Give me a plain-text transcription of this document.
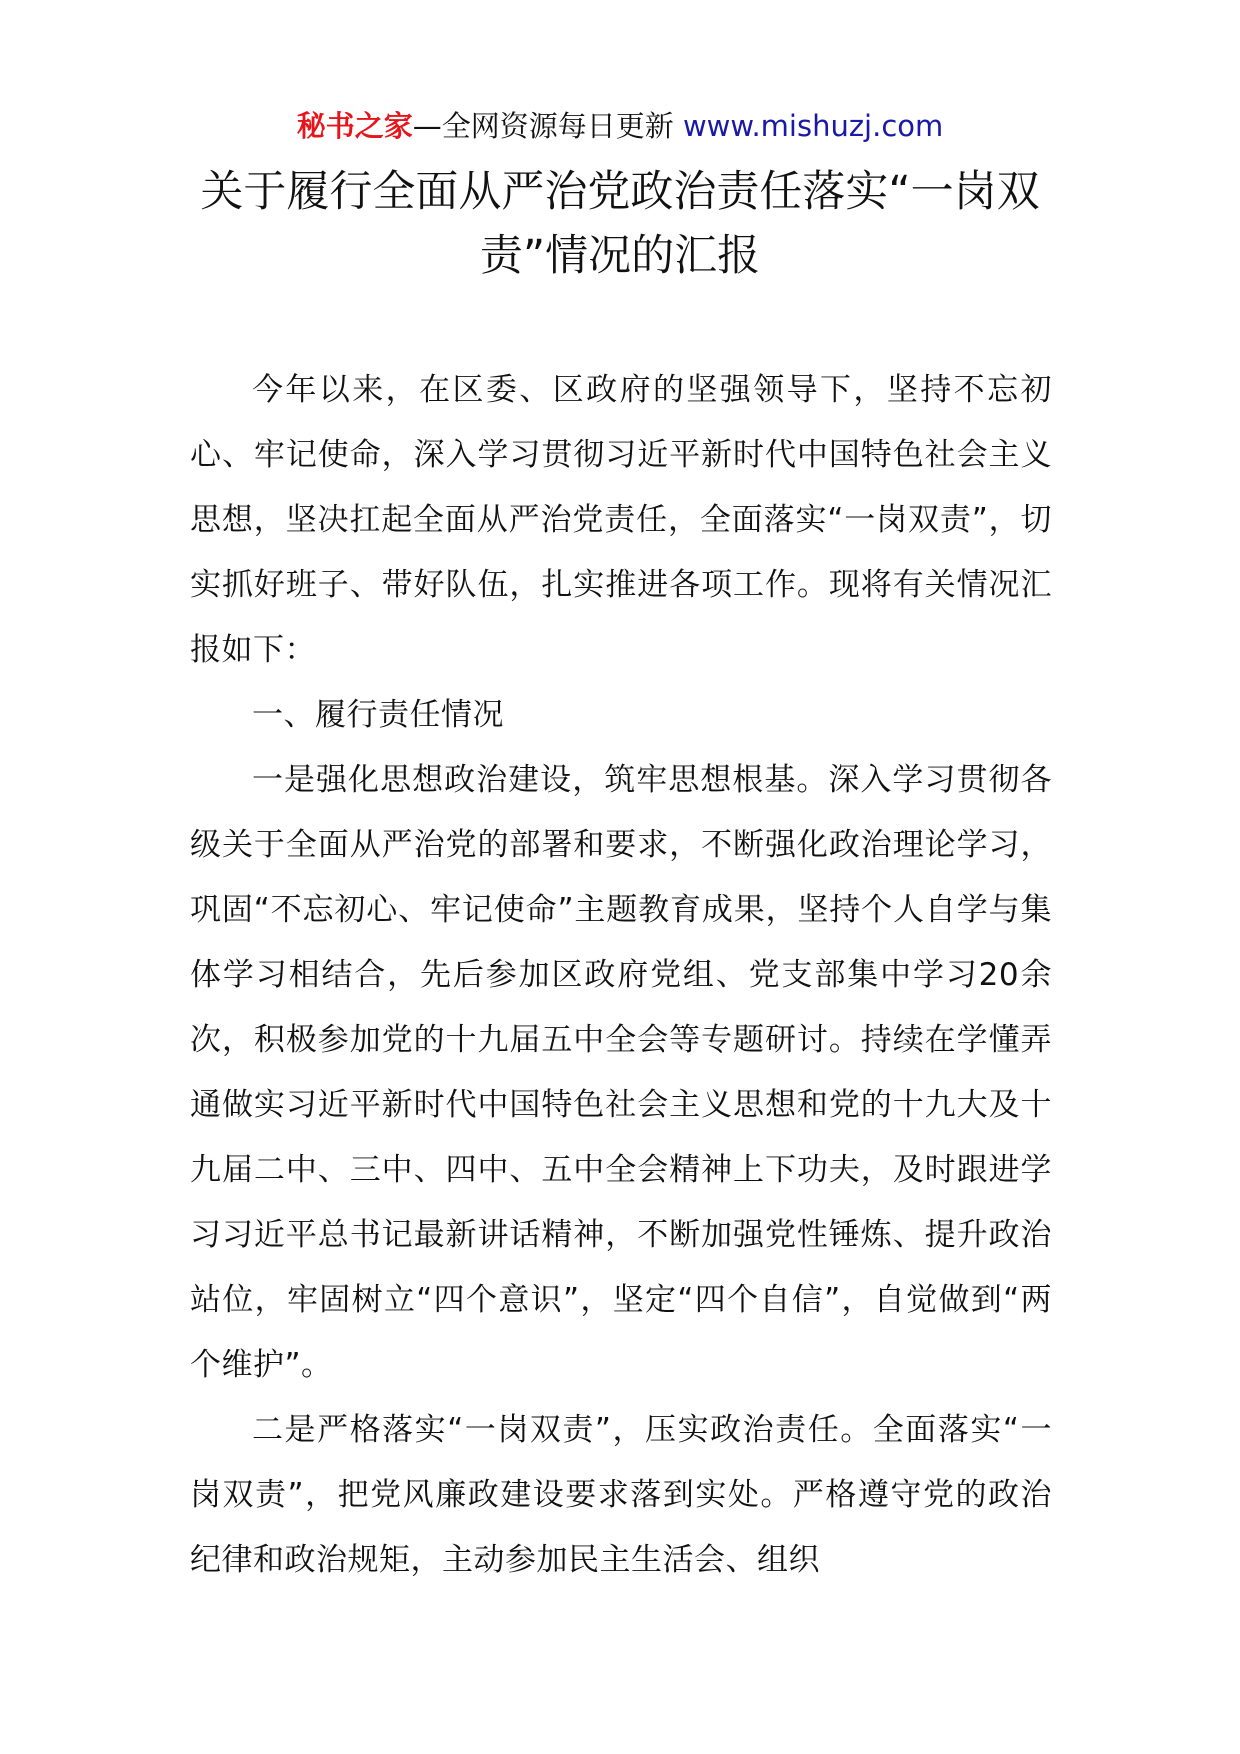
秘书之家—全网资源每日更新 www.mishuzj.com
关于履行全面从严治党政治责任落实“一岗双责”情况的汇报

今年以来，在区委、区政府的坚强领导下，坚持不忘初心、牢记使命，深入学习贯彻习近平新时代中国特色社会主义思想，坚决扛起全面从严治党责任，全面落实“一岗双责”，切实抓好班子、带好队伍，扎实推进各项工作。现将有关情况汇报如下：

一、履行责任情况

一是强化思想政治建设，筑牢思想根基。深入学习贯彻各级关于全面从严治党的部署和要求，不断强化政治理论学习，巩固“不忘初心、牢记使命”主题教育成果，坚持个人自学与集体学习相结合，先后参加区政府党组、党支部集中学习20余次，积极参加党的十九届五中全会等专题研讨。持续在学懂弄通做实习近平新时代中国特色社会主义思想和党的十九大及十九届二中、三中、四中、五中全会精神上下功夫，及时跟进学习习近平总书记最新讲话精神，不断加强党性锤炼、提升政治站位，牢固树立“四个意识”，坚定“四个自信”，自觉做到“两个维护”。

二是严格落实“一岗双责”，压实政治责任。全面落实“一岗双责”，把党风廉政建设要求落到实处。严格遵守党的政治纪律和政治规矩，主动参加民主生活会、组织
